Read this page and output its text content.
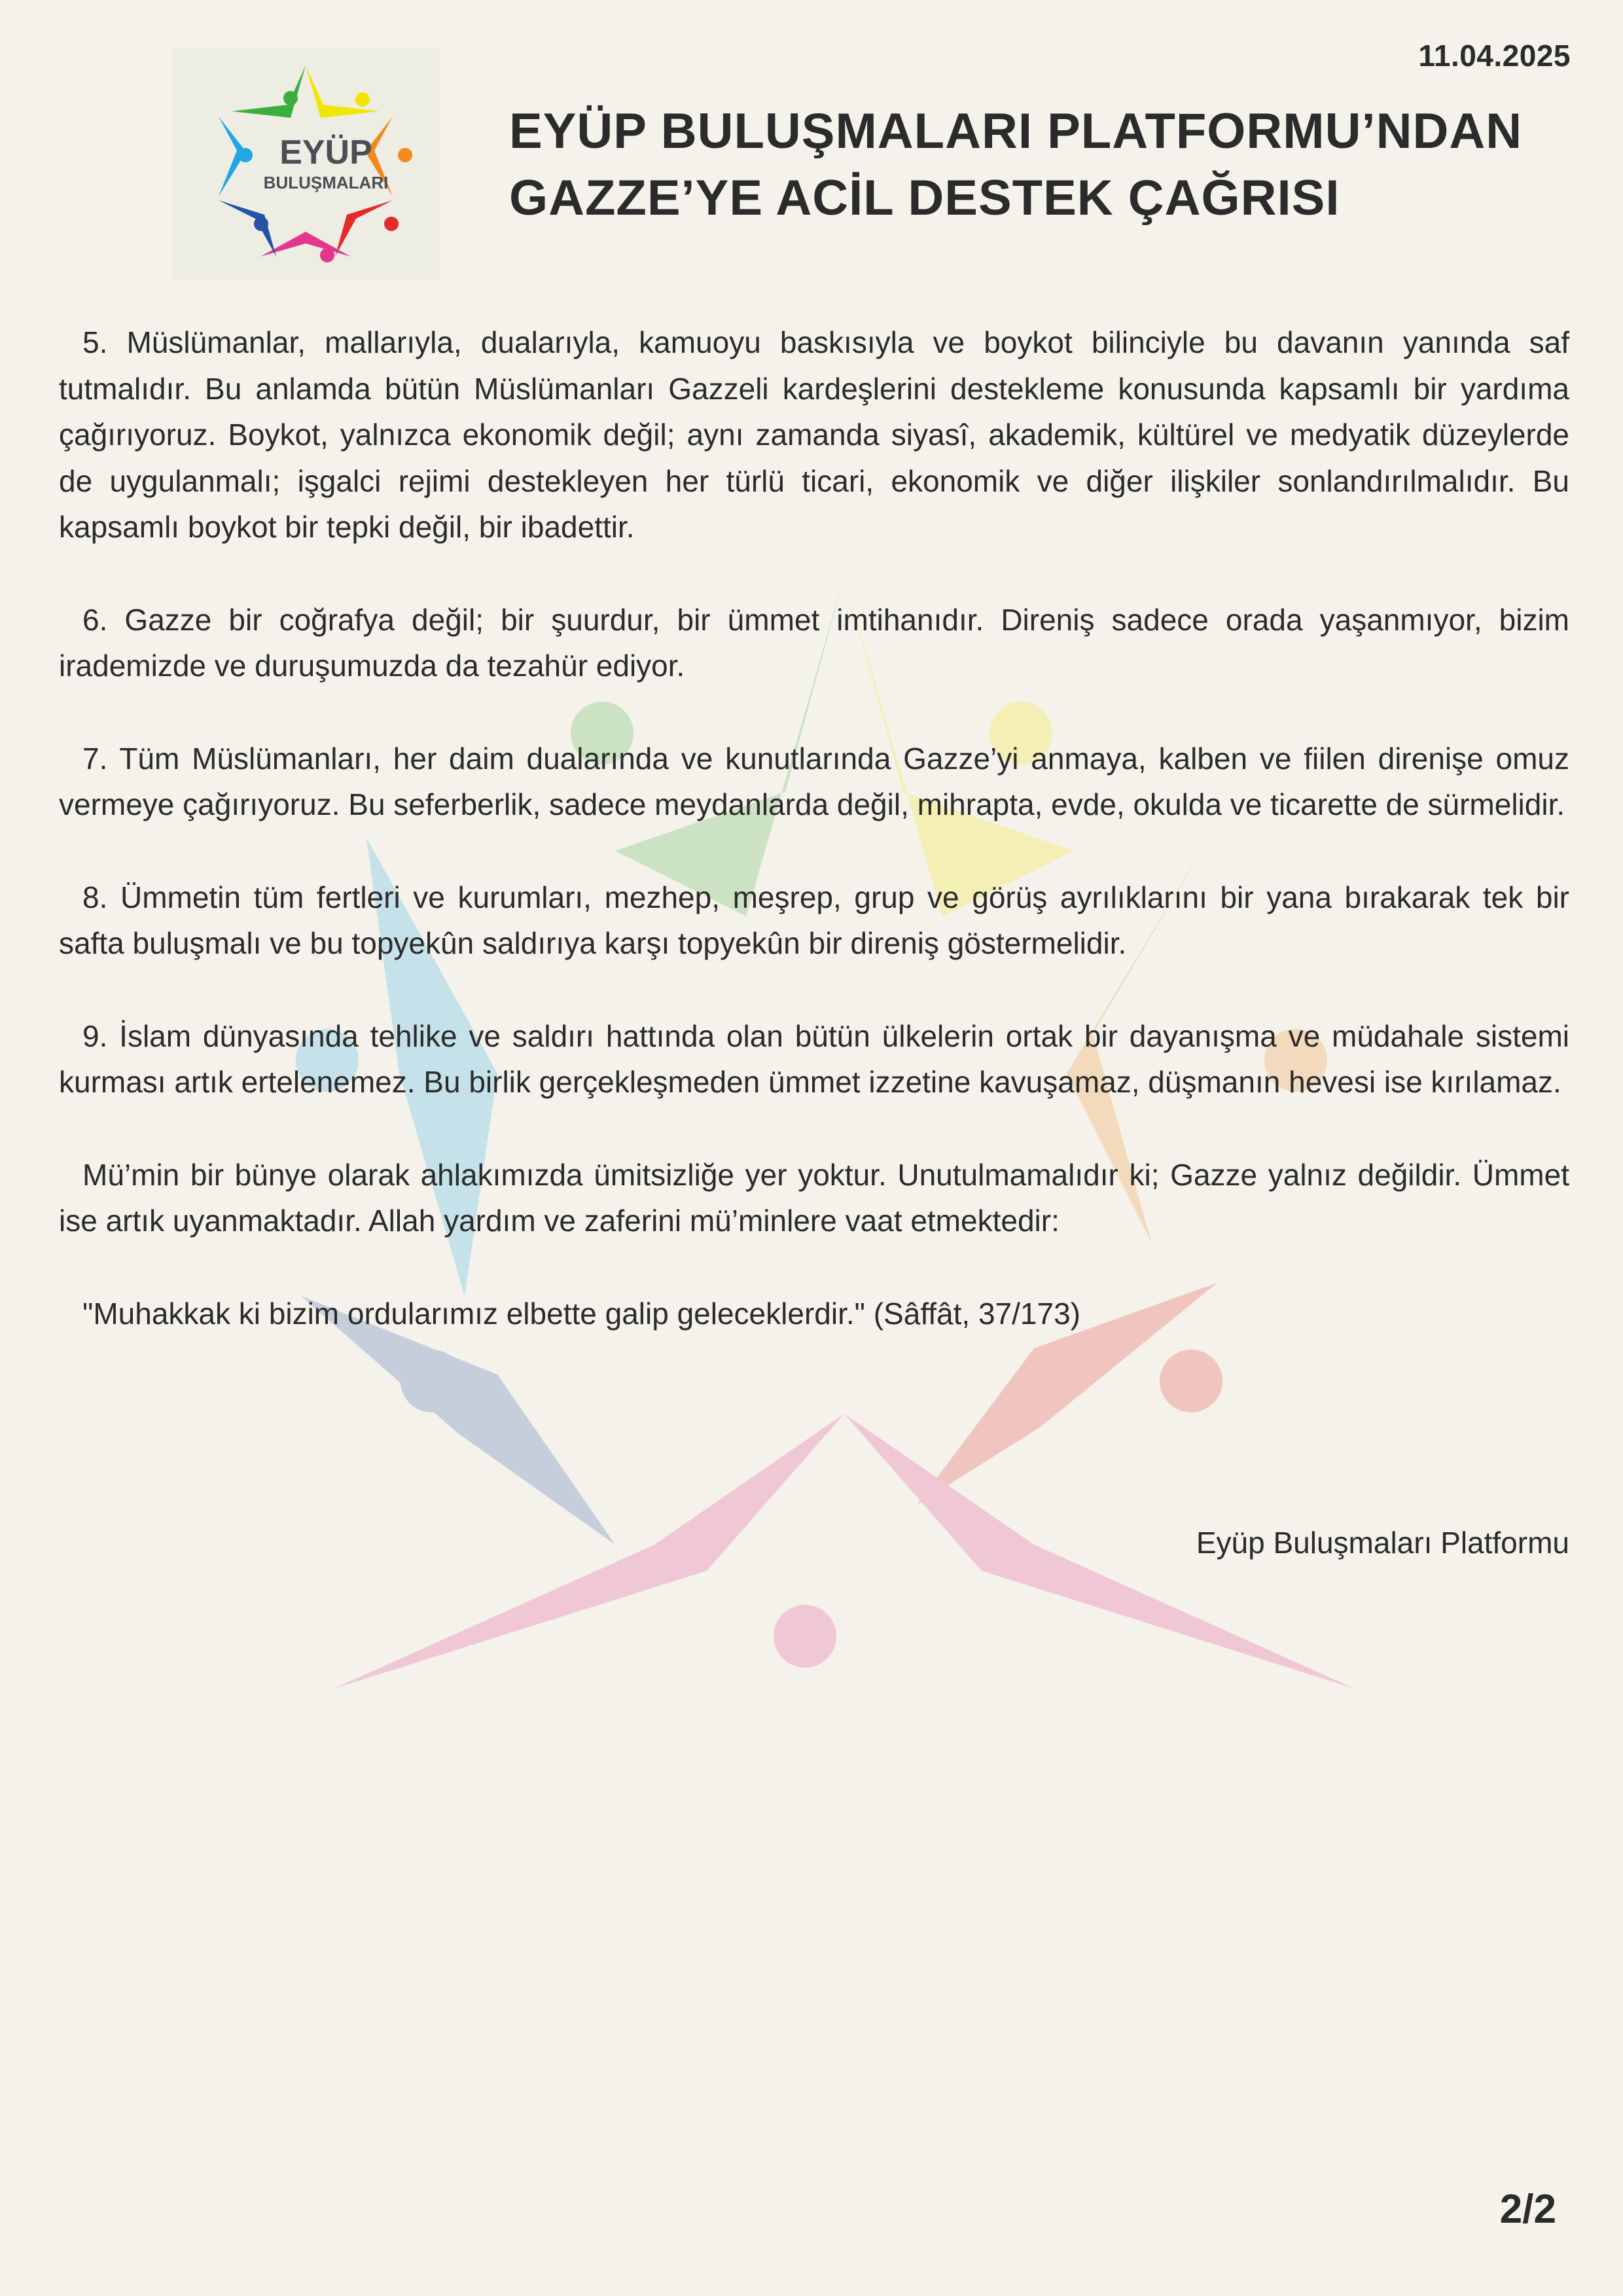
EYÜP
BULUŞMALARI
11.04.2025
EYÜP BULUŞMALARI PLATFORMU’NDAN
GAZZE’YE ACİL DESTEK ÇAĞRISI

5. Müslümanlar, mallarıyla, dualarıyla, kamuoyu baskısıyla ve boykot bilinciyle bu davanın yanında saf tutmalıdır. Bu anlamda bütün Müslümanları Gazzeli kardeşlerini destekleme konusunda kapsamlı bir yardıma çağırıyoruz. Boykot, yalnızca ekonomik değil; aynı zamanda siyasî, akademik, kültürel ve medyatik düzeylerde de uygulanmalı; işgalci rejimi destekleyen her türlü ticari, ekonomik ve diğer ilişkiler sonlandırılmalıdır. Bu kapsamlı boykot bir tepki değil, bir ibadettir.

6. Gazze bir coğrafya değil; bir şuurdur, bir ümmet imtihanıdır. Direniş sadece orada yaşanmıyor, bizim irademizde ve duruşumuzda da tezahür ediyor.

7. Tüm Müslümanları, her daim dualarında ve kunutlarında Gazze’yi anmaya, kalben ve fiilen direnişe omuz vermeye çağırıyoruz. Bu seferberlik, sadece meydanlarda değil, mihrapta, evde, okulda ve ticarette de sürmelidir.

8. Ümmetin tüm fertleri ve kurumları, mezhep, meşrep, grup ve görüş ayrılıklarını bir yana bırakarak tek bir safta buluşmalı ve bu topyekûn saldırıya karşı topyekûn bir direniş göstermelidir.

9. İslam dünyasında tehlike ve saldırı hattında olan bütün ülkelerin ortak bir dayanışma ve müdahale sistemi kurması artık ertelenemez. Bu birlik gerçekleşmeden ümmet izzetine kavuşamaz, düşmanın hevesi ise kırılamaz.

Mü’min bir bünye olarak ahlakımızda ümitsizliğe yer yoktur. Unutulmamalıdır ki; Gazze yalnız değildir. Ümmet ise artık uyanmaktadır. Allah yardım ve zaferini mü’minlere vaat etmektedir:

"Muhakkak ki bizim ordularımız elbette galip geleceklerdir." (Sâffât, 37/173)

Eyüp Buluşmaları Platformu
2/2
